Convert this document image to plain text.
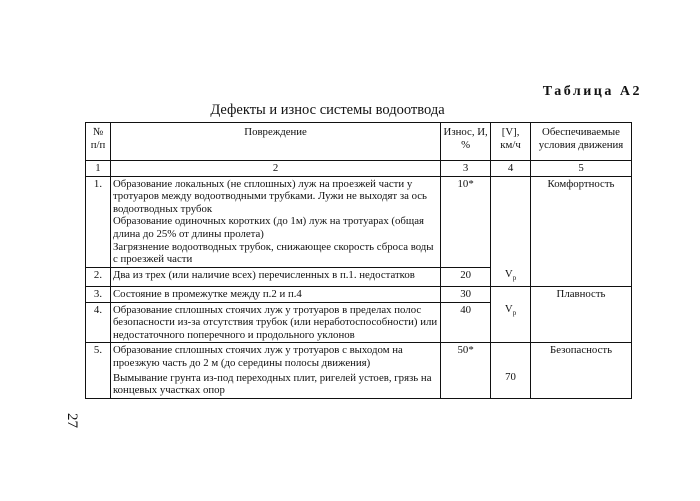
Таблица А2
Дефекты и износ системы водоотвода
№ п/п	Повреждение	Износ, И, %	[V], км/ч	Обеспечиваемые условия движения
1	2	3	4	5
1.	Образование локальных (не сплошных) луж на проезжей части у тротуаров между водоотводными трубками. Лужи не выходят за ось водоотводных трубок
Образование одиночных коротких (до 1м) луж на тротуарах (общая длина до 25% от длины пролета)
Загрязнение водоотводных трубок, снижающее скорость сброса воды с проезжей части	10*		Комфортность
2.	Два из трех (или наличие всех) перечисленных в п.1. недостатков	20	$V_р$
3.	Состояние в промежутке между п.2 и п.4	30		Плавность
4.	Образование сплошных стоячих луж у тротуаров в пределах полос безопасности из-за отсутствия трубок (или неработоспособности) или недостаточного поперечного и продольного уклонов	40	$V_р$
5.	Образование сплошных стоячих луж у тротуаров с выходом на проезжую часть до 2 м (до середины полосы движения)
Вымывание грунта из-под переходных плит, ригелей устоев, грязь на концевых участках опор	50*	70	Безопасность
27
